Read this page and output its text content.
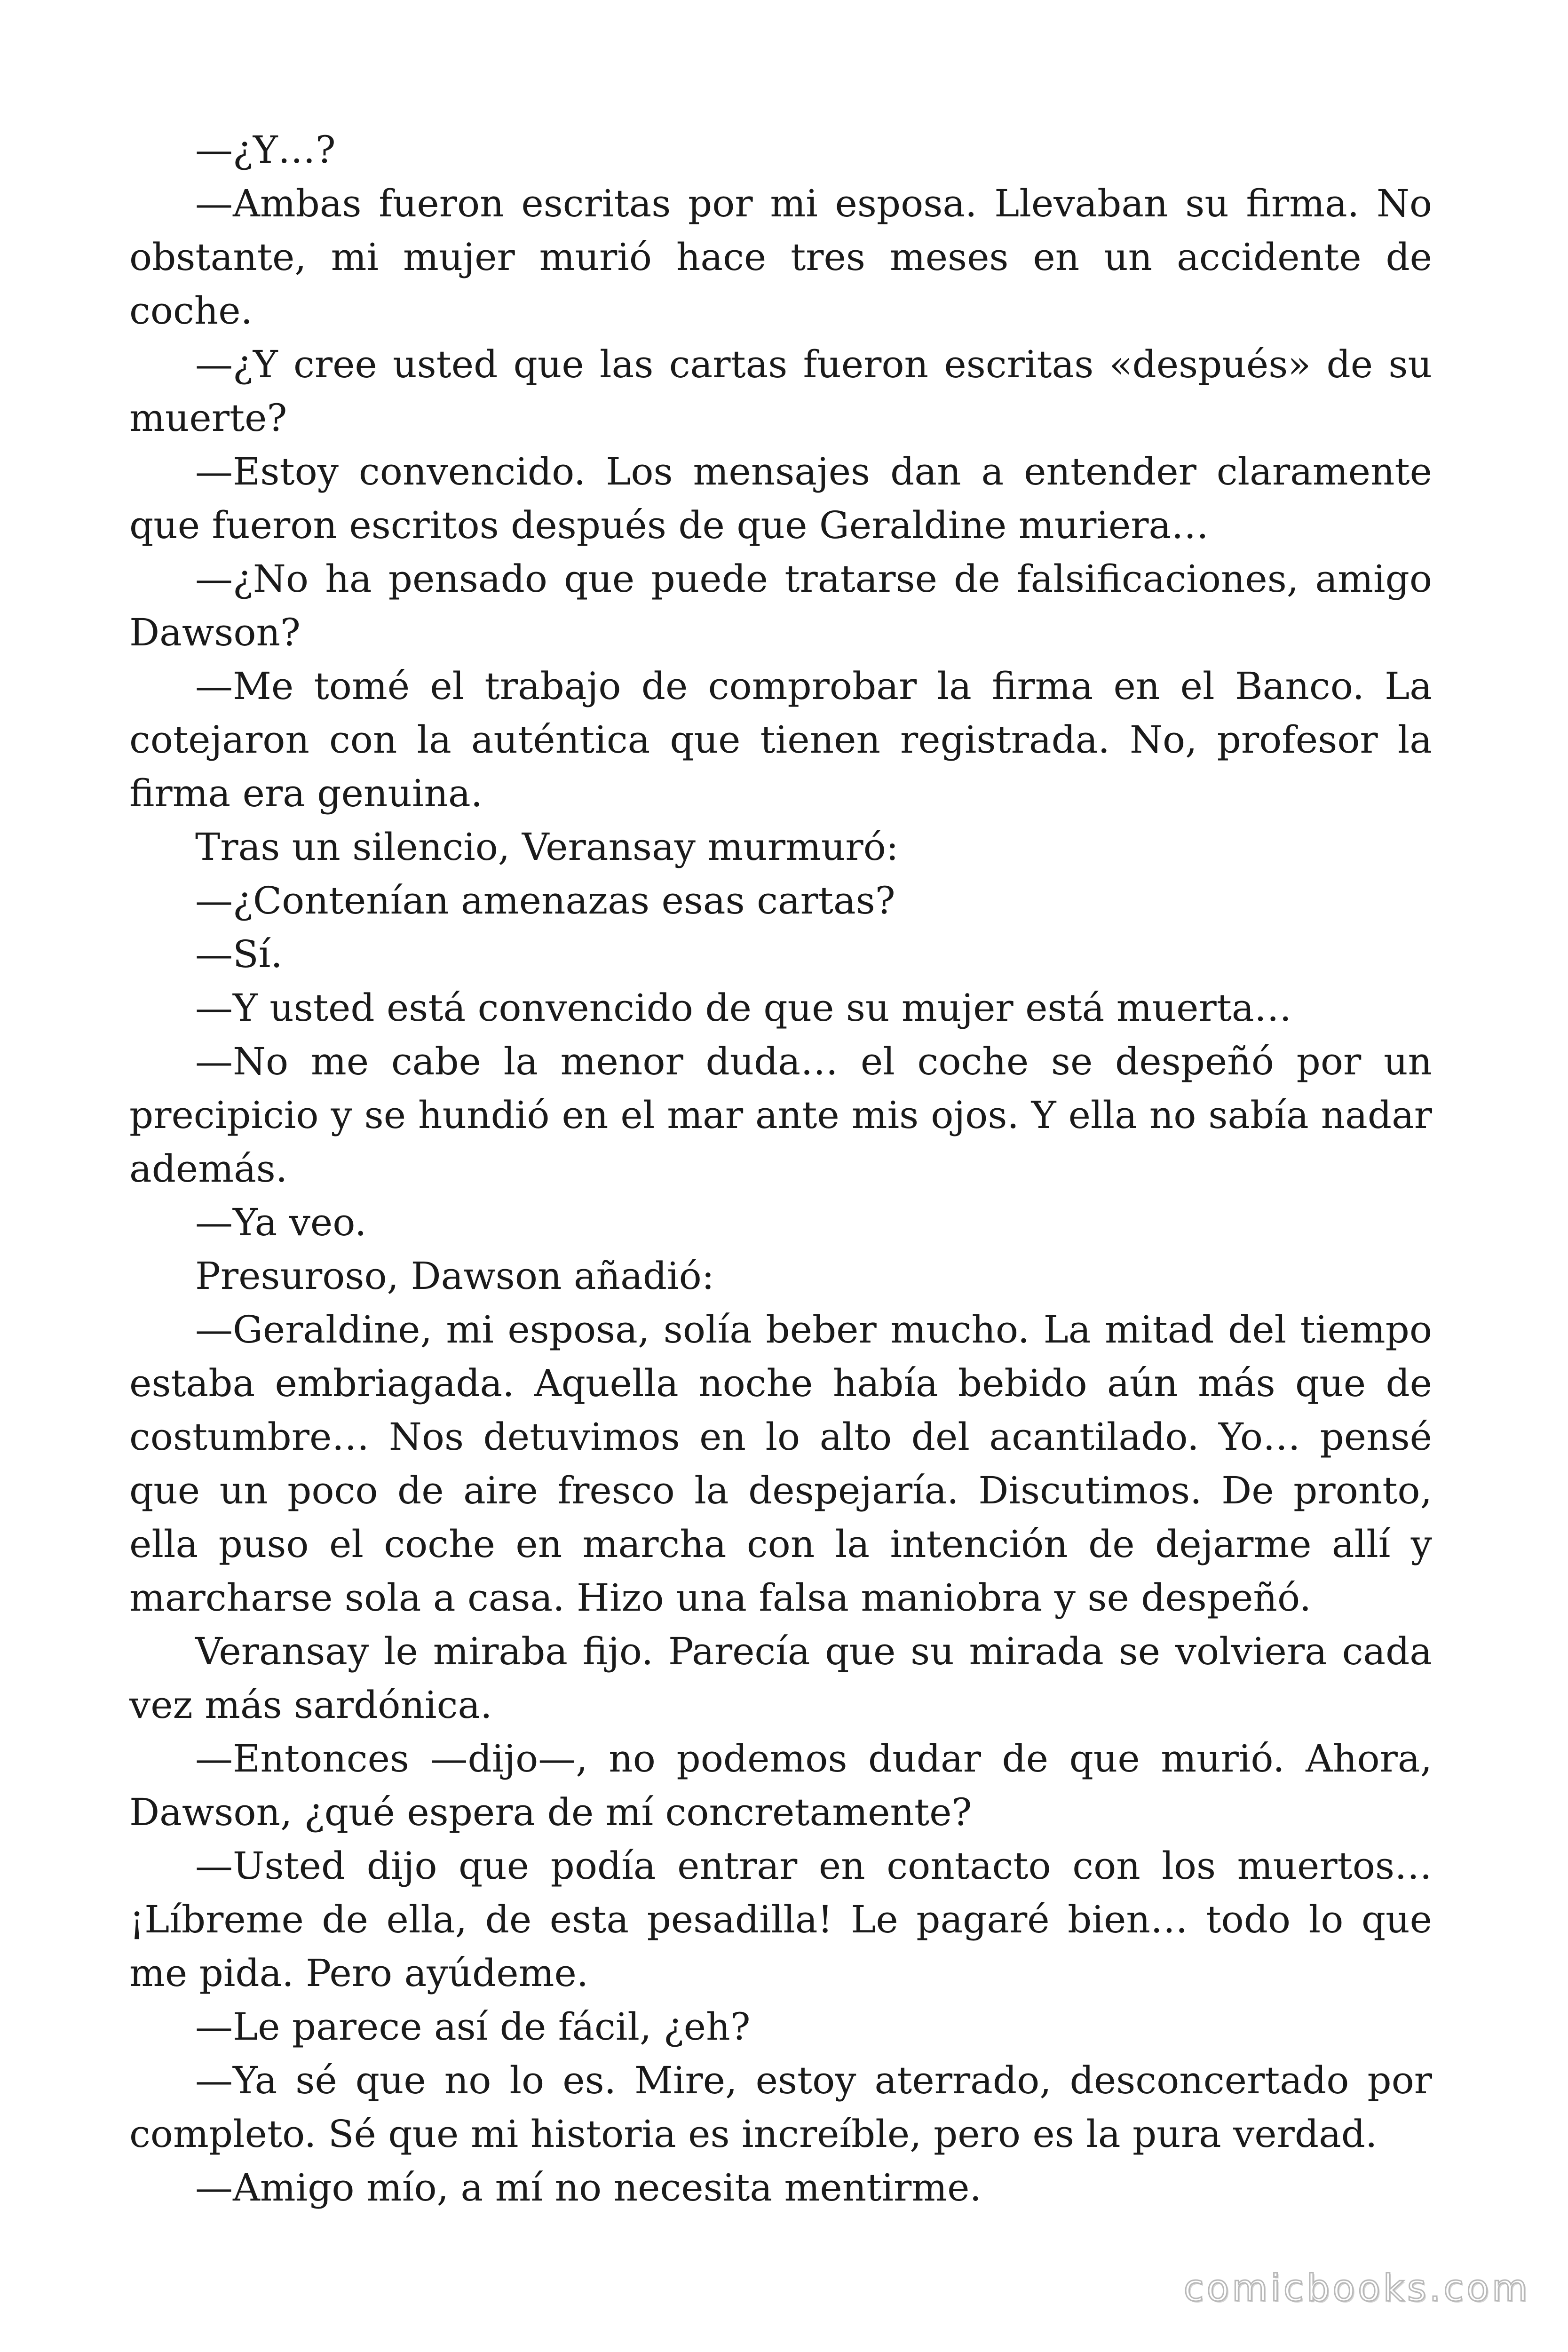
—¿Y…?

—Ambas fueron escritas por mi esposa. Llevaban su firma. No obstante, mi mujer murió hace tres meses en un accidente de coche.

—¿Y cree usted que las cartas fueron escritas «después» de su muerte?

—Estoy convencido. Los mensajes dan a entender claramente que fueron escritos después de que Geraldine muriera…

—¿No ha pensado que puede tratarse de falsificaciones, amigo Dawson?

—Me tomé el trabajo de comprobar la firma en el Banco. La cotejaron con la auténtica que tienen registrada. No, profesor la firma era genuina.

Tras un silencio, Veransay murmuró:

—¿Contenían amenazas esas cartas?

—Sí.

—Y usted está convencido de que su mujer está muerta…

—No me cabe la menor duda… el coche se despeñó por un precipicio y se hundió en el mar ante mis ojos. Y ella no sabía nadar además.

—Ya veo.

Presuroso, Dawson añadió:

—Geraldine, mi esposa, solía beber mucho. La mitad del tiempo estaba embriagada. Aquella noche había bebido aún más que de costumbre… Nos detuvimos en lo alto del acantilado. Yo… pensé que un poco de aire fresco la despejaría. Discutimos. De pronto, ella puso el coche en marcha con la intención de dejarme allí y marcharse sola a casa. Hizo una falsa maniobra y se despeñó.

Veransay le miraba fijo. Parecía que su mirada se volviera cada vez más sardónica.

—Entonces —dijo—, no podemos dudar de que murió. Ahora, Dawson, ¿qué espera de mí concretamente?

—Usted dijo que podía entrar en contacto con los muertos… ¡Líbreme de ella, de esta pesadilla! Le pagaré bien… todo lo que me pida. Pero ayúdeme.

—Le parece así de fácil, ¿eh?

—Ya sé que no lo es. Mire, estoy aterrado, desconcertado por completo. Sé que mi historia es increíble, pero es la pura verdad.

—Amigo mío, a mí no necesita mentirme.

comicbooks.com
